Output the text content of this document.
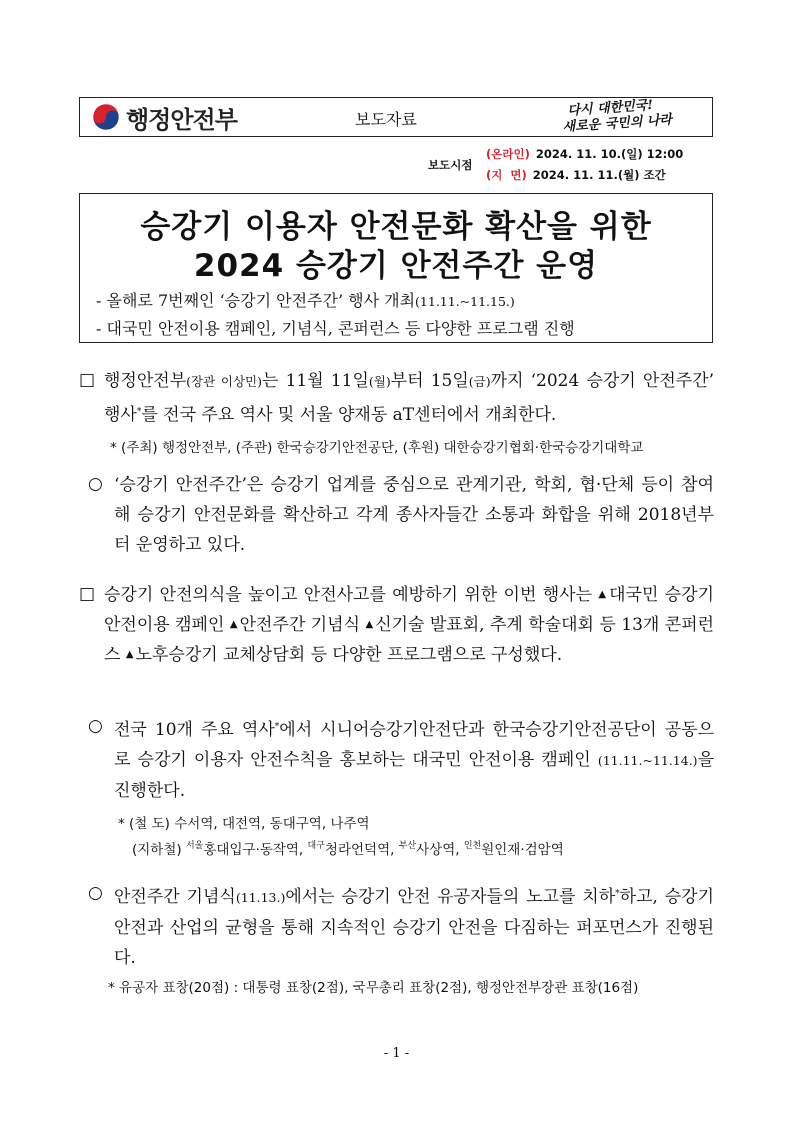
행정안전부	보도자료
다시 대한민국!
새로운 국민의 나라
보도시점
(온라인) 2024. 11. 10.(일) 12:00
(지  면) 2024. 11. 11.(월) 조간
승강기 이용자 안전문화 확산을 위한
2024 승강기 안전주간 운영
- 올해로 7번째인 ‘승강기 안전주간’ 행사 개최(11.11.~11.15.)
- 대국민 안전이용 캠페인, 기념식, 콘퍼런스 등 다양한 프로그램 진행
□ 행정안전부(장관 이상민)는 11월 11일(월)부터 15일(금)까지 ‘2024 승강기 안전주간’ 행사*를 전국 주요 역사 및 서울 양재동 aT센터에서 개최한다.
* (주최) 행정안전부, (주관) 한국승강기안전공단, (후원) 대한승강기협회·한국승강기대학교
○ ‘승강기 안전주간’은 승강기 업계를 중심으로 관계기관, 학회, 협·단체 등이 참여해 승강기 안전문화를 확산하고 각계 종사자들간 소통과 화합을 위해 2018년부터 운영하고 있다.
□ 승강기 안전의식을 높이고 안전사고를 예방하기 위한 이번 행사는 ▲ 대국민 승강기 안전이용 캠페인 ▲ 안전주간 기념식 ▲ 신기술 발표회, 추계 학술대회 등 13개 콘퍼런스 ▲ 노후승강기 교체상담회 등 다양한 프로그램으로 구성했다.
○ 전국 10개 주요 역사*에서 시니어승강기안전단과 한국승강기안전공단이 공동으로 승강기 이용자 안전수칙을 홍보하는 대국민 안전이용 캠페인 (11.11.~11.14.)을 진행한다.
* (철 도) 수서역, 대전역, 동대구역, 나주역
(지하철) $^{서울}$홍대입구·동작역, $^{대구}$청라언덕역, $^{부산}$사상역, $^{인천}$원인재·검암역
○ 안전주간 기념식(11.13.)에서는 승강기 안전 유공자들의 노고를 치하*하고, 승강기 안전과 산업의 균형을 통해 지속적인 승강기 안전을 다짐하는 퍼포먼스가 진행된다.
* 유공자 표창(20점) : 대통령 표창(2점), 국무총리 표창(2점), 행정안전부장관 표창(16점)
- 1 -
